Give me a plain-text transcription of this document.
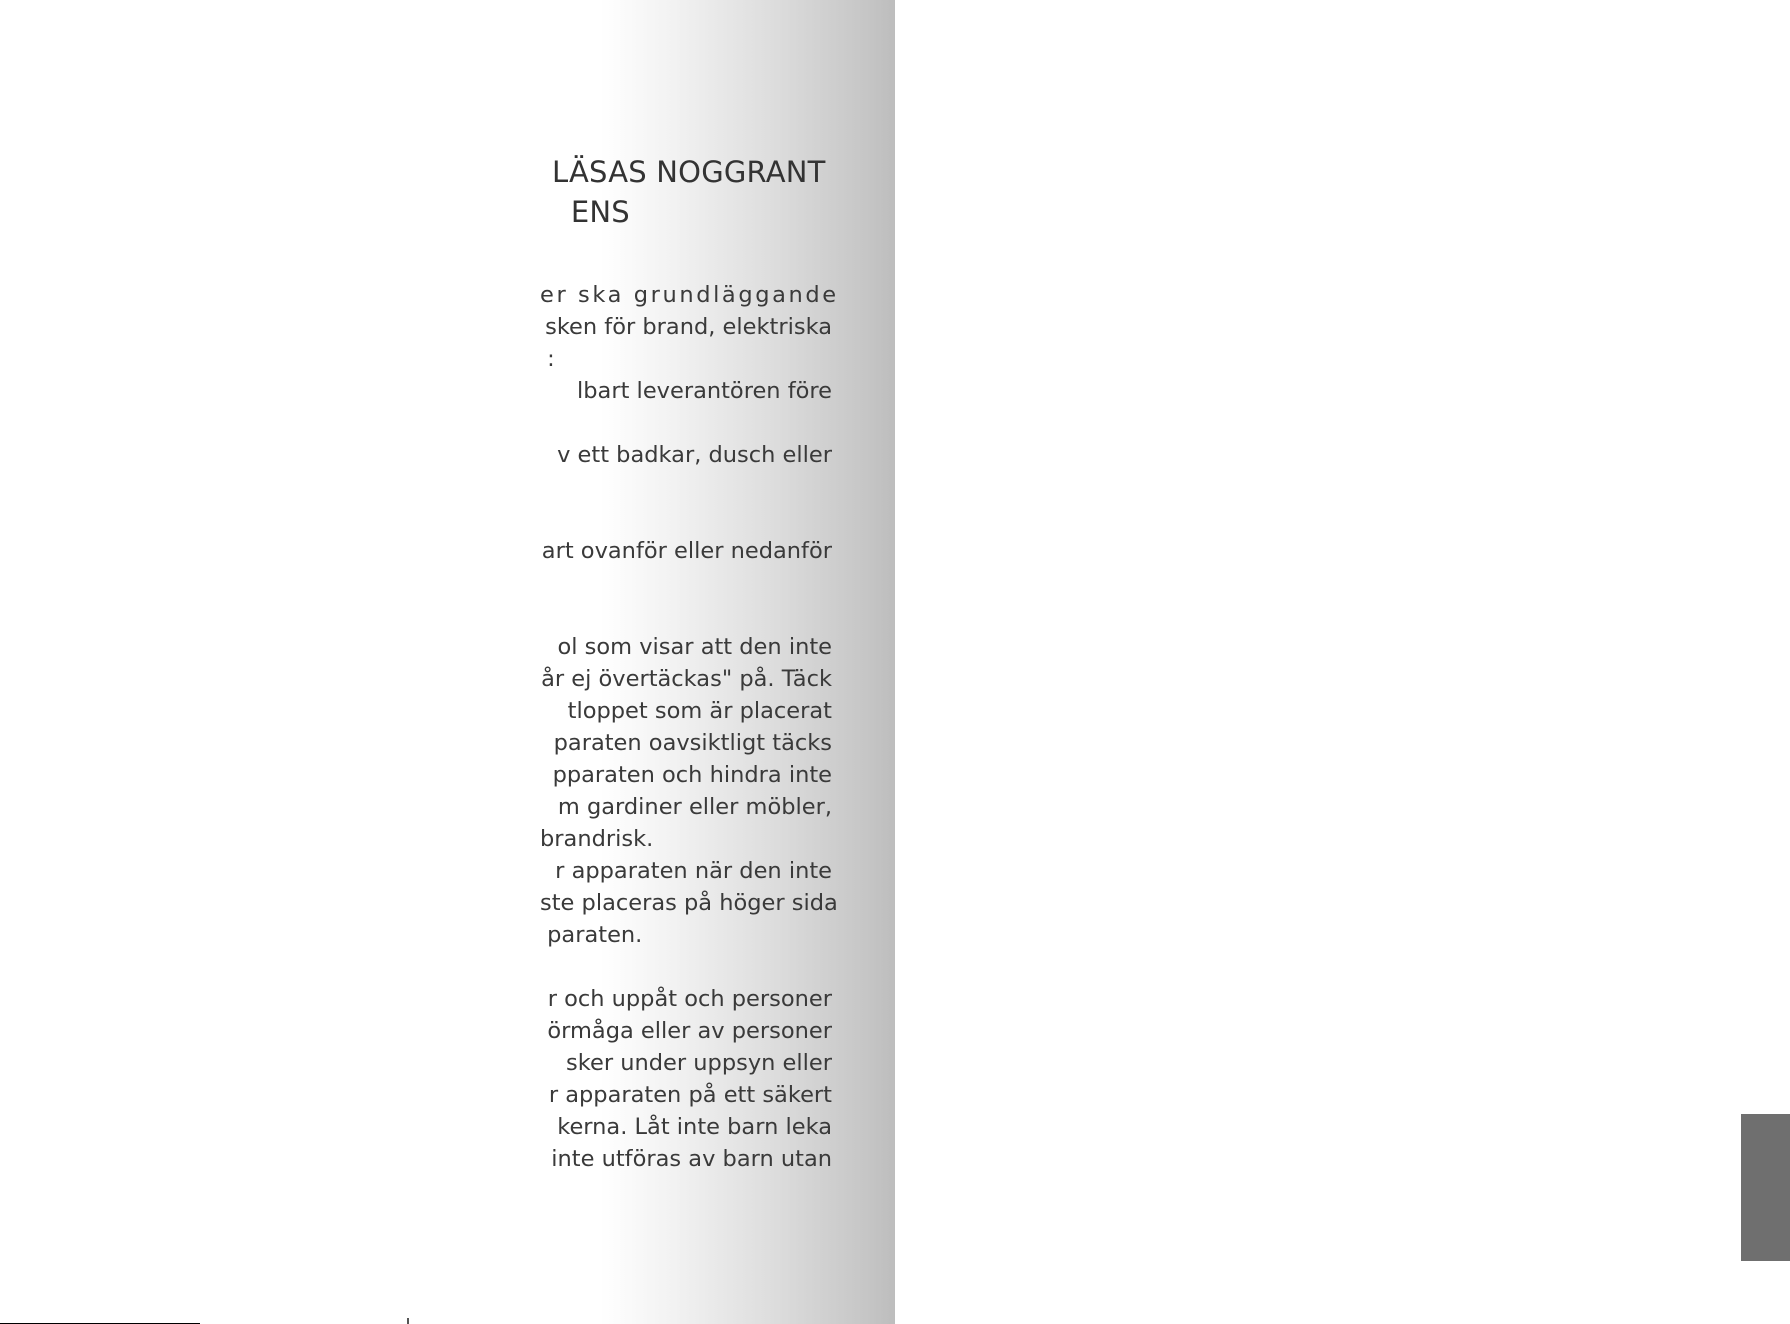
LÄSAS NOGGRANT
ENS
er ska grundläggande
sken för brand, elektriska
:
lbart leverantören före
v ett badkar, dusch eller
art ovanför eller nedanför
ol som visar att den inte
år ej övertäckas" på. Täck
tloppet som är placerat
paraten oavsiktligt täcks
pparaten och hindra inte
m gardiner eller möbler,
brandrisk.
r apparaten när den inte
ste placeras på höger sida
paraten.
r och uppåt och personer
örmåga eller av personer
sker under uppsyn eller
r apparaten på ett säkert
kerna. Låt inte barn leka
inte utföras av barn utan
